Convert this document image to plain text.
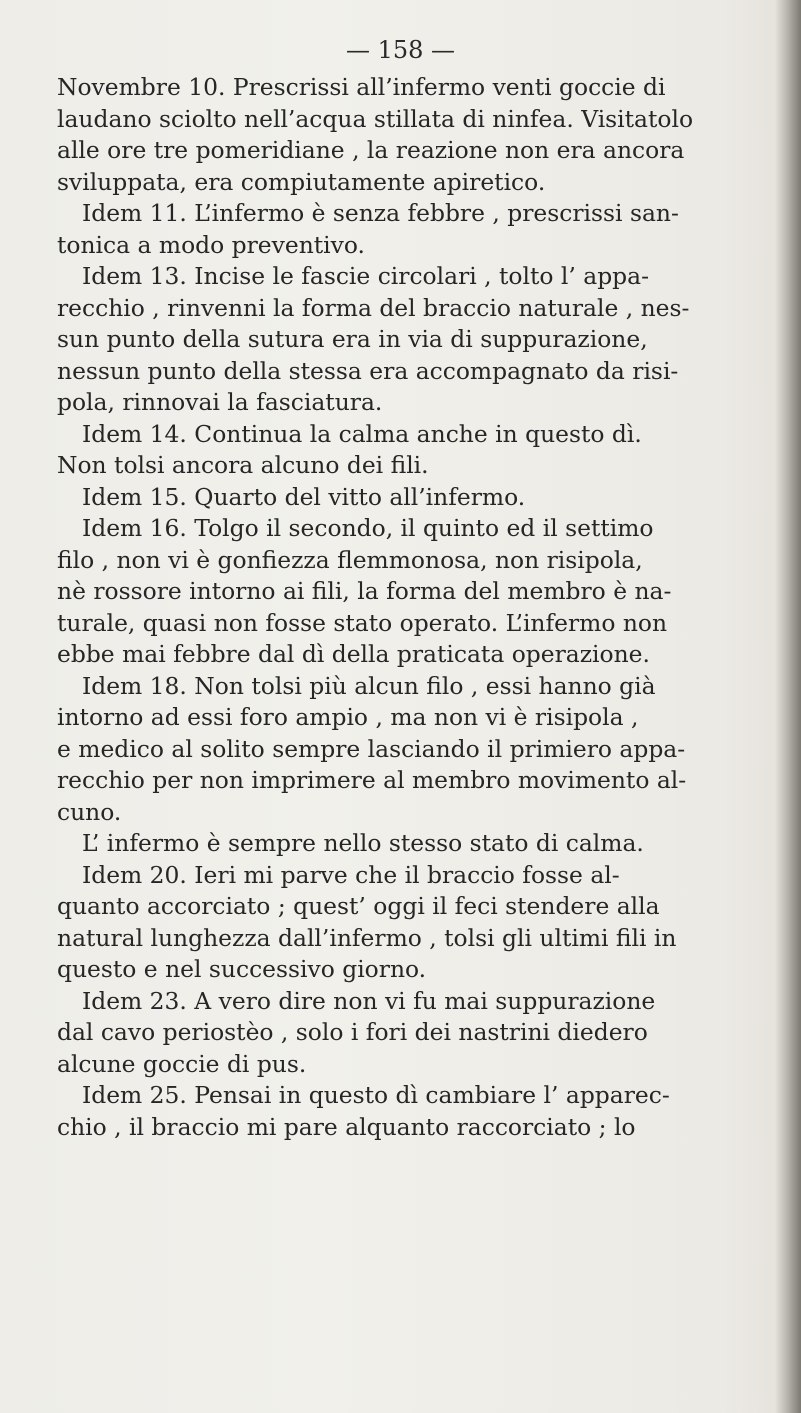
— 158 —
Novembre 10. Prescrissi all’infermo venti goccie di
laudano sciolto nell’acqua stillata di ninfea. Visitatolo
alle ore tre pomeridiane , la reazione non era ancora
sviluppata, era compiutamente apiretico.
Idem 11. L’infermo è senza febbre , prescrissi san-
tonica a modo preventivo.
Idem 13. Incise le fascie circolari , tolto l’ appa-
recchio , rinvenni la forma del braccio naturale , nes-
sun punto della sutura era in via di suppurazione,
nessun punto della stessa era accompagnato da risi-
pola, rinnovai la fasciatura.
Idem 14. Continua la calma anche in questo dì.
Non tolsi ancora alcuno dei fili.
Idem 15. Quarto del vitto all’infermo.
Idem 16. Tolgo il secondo, il quinto ed il settimo
filo , non vi è gonfiezza flemmonosa, non risipola,
nè rossore intorno ai fili, la forma del membro è na-
turale, quasi non fosse stato operato. L’infermo non
ebbe mai febbre dal dì della praticata operazione.
Idem 18. Non tolsi più alcun filo , essi hanno già
intorno ad essi foro ampio , ma non vi è risipola ,
e medico al solito sempre lasciando il primiero appa-
recchio per non imprimere al membro movimento al-
cuno.
L’ infermo è sempre nello stesso stato di calma.
Idem 20. Ieri mi parve che il braccio fosse al-
quanto accorciato ; quest’ oggi il feci stendere alla
natural lunghezza dall’infermo , tolsi gli ultimi fili in
questo e nel successivo giorno.
Idem 23. A vero dire non vi fu mai suppurazione
dal cavo periostèo , solo i fori dei nastrini diedero
alcune goccie di pus.
Idem 25. Pensai in questo dì cambiare l’ apparec-
chio , il braccio mi pare alquanto raccorciato ; lo
